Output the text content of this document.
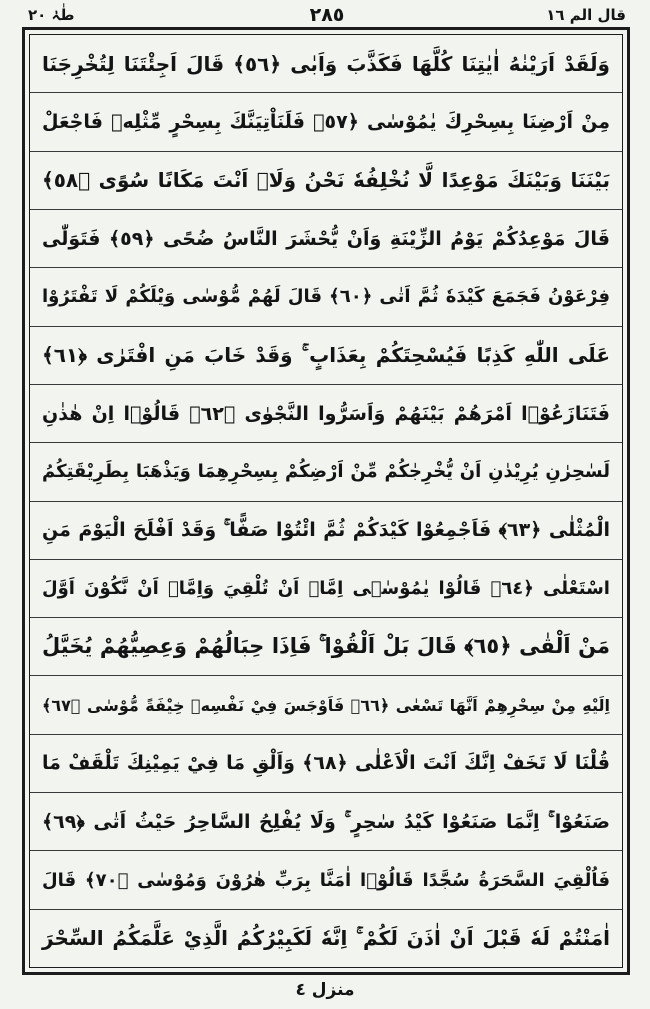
طٰہٰ ۲۰	٢٨٥	قال الم ١٦
وَلَقَدْ اَرَيْنٰهُ اٰيٰتِنَا كُلَّهَا فَكَذَّبَ وَاَبٰى ﴿٥٦﴾ قَالَ اَجِئْتَنَا لِتُخْرِجَنَا
مِنْ اَرْضِنَا بِسِحْرِكَ يٰمُوْسٰى ﴿٥٧﴾ فَلَنَاْتِيَنَّكَ بِسِحْرٍ مِّثْلِهٖ فَاجْعَلْ
بَيْنَنَا وَبَيْنَكَ مَوْعِدًا لَّا نُخْلِفُهٗ نَحْنُ وَلَاۤ اَنْتَ مَكَانًا سُوًى ﴿٥٨﴾
قَالَ مَوْعِدُكُمْ يَوْمُ الزِّيْنَةِ وَاَنْ يُّحْشَرَ النَّاسُ ضُحًى ﴿٥٩﴾ فَتَوَلّٰى
فِرْعَوْنُ فَجَمَعَ كَيْدَهٗ ثُمَّ اَتٰى ﴿٦٠﴾ قَالَ لَهُمْ مُّوْسٰى وَيْلَكُمْ لَا تَفْتَرُوْا
عَلَى اللّٰهِ كَذِبًا فَيُسْحِتَكُمْ بِعَذَابٍ ۚ وَقَدْ خَابَ مَنِ افْتَرٰى ﴿٦١﴾
فَتَنَازَعُوْۤا اَمْرَهُمْ بَيْنَهُمْ وَاَسَرُّوا النَّجْوٰى ﴿٦٢﴾ قَالُوْۤا اِنْ هٰذٰنِ
لَسٰحِرٰنِ يُرِيْدٰنِ اَنْ يُّخْرِجٰكُمْ مِّنْ اَرْضِكُمْ بِسِحْرِهِمَا وَيَذْهَبَا بِطَرِيْقَتِكُمُ
الْمُثْلٰى ﴿٦٣﴾ فَاَجْمِعُوْا كَيْدَكُمْ ثُمَّ ائْتُوْا صَفًّا ۚ وَقَدْ اَفْلَحَ الْيَوْمَ مَنِ
اسْتَعْلٰى ﴿٦٤﴾ قَالُوْا يٰمُوْسٰۤى اِمَّاۤ اَنْ تُلْقِيَ وَاِمَّاۤ اَنْ نَّكُوْنَ اَوَّلَ
مَنْ اَلْقٰى ﴿٦٥﴾ قَالَ بَلْ اَلْقُوْا ۚ فَاِذَا حِبَالُهُمْ وَعِصِيُّهُمْ يُخَيَّلُ
اِلَيْهِ مِنْ سِحْرِهِمْ اَنَّهَا تَسْعٰى ﴿٦٦﴾ فَاَوْجَسَ فِيْ نَفْسِهٖ خِيْفَةً مُّوْسٰى ﴿٦٧﴾
قُلْنَا لَا تَخَفْ اِنَّكَ اَنْتَ الْاَعْلٰى ﴿٦٨﴾ وَاَلْقِ مَا فِيْ يَمِيْنِكَ تَلْقَفْ مَا
صَنَعُوْا ۚ اِنَّمَا صَنَعُوْا كَيْدُ سٰحِرٍ ۚ وَلَا يُفْلِحُ السَّاحِرُ حَيْثُ اَتٰى ﴿٦٩﴾
فَاُلْقِيَ السَّحَرَةُ سُجَّدًا قَالُوْۤا اٰمَنَّا بِرَبِّ هٰرُوْنَ وَمُوْسٰى ﴿٧٠﴾ قَالَ
اٰمَنْتُمْ لَهٗ قَبْلَ اَنْ اٰذَنَ لَكُمْ ۚ اِنَّهٗ لَكَبِيْرُكُمُ الَّذِيْ عَلَّمَكُمُ السِّحْرَ
منزل ٤
